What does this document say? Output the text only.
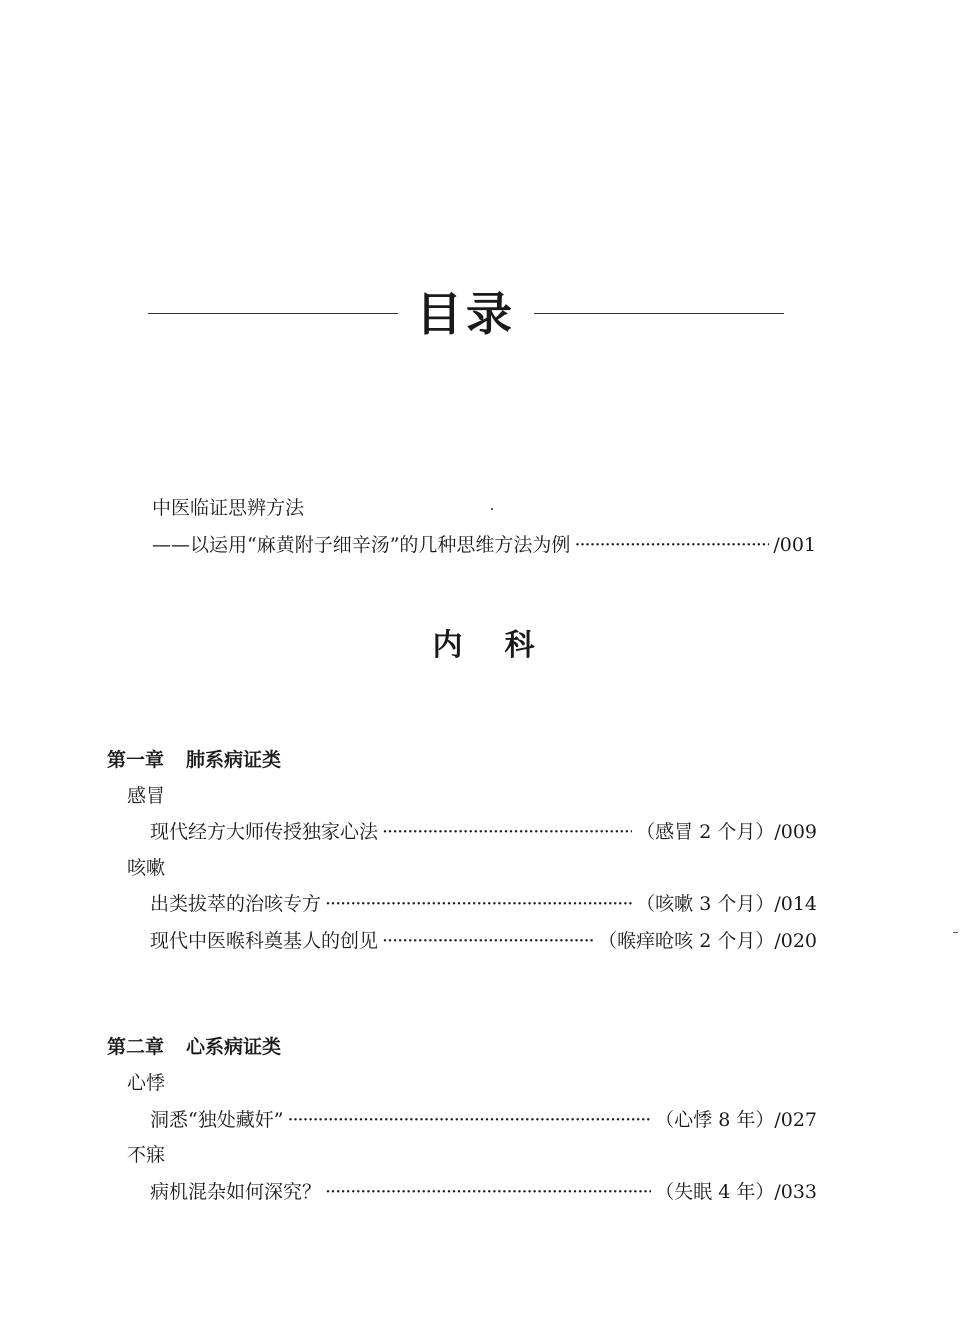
目录
中医临证思辨方法
——以运用“麻黄附子细辛汤”的几种思维方法为例 ·····	/001
内科
第一章 肺系病证类
感冒
现代经方大师传授独家心法 ·····	（感冒 2 个月）/009
咳嗽
出类拔萃的治咳专方 ·····	（咳嗽 3 个月）/014
现代中医喉科奠基人的创见 ·····	（喉痒呛咳 2 个月）/020
第二章 心系病证类
心悸
洞悉“独处藏奸” ·····	（心悸 8 年）/027
不寐
病机混杂如何深究？ ·····	（失眠 4 年）/033
